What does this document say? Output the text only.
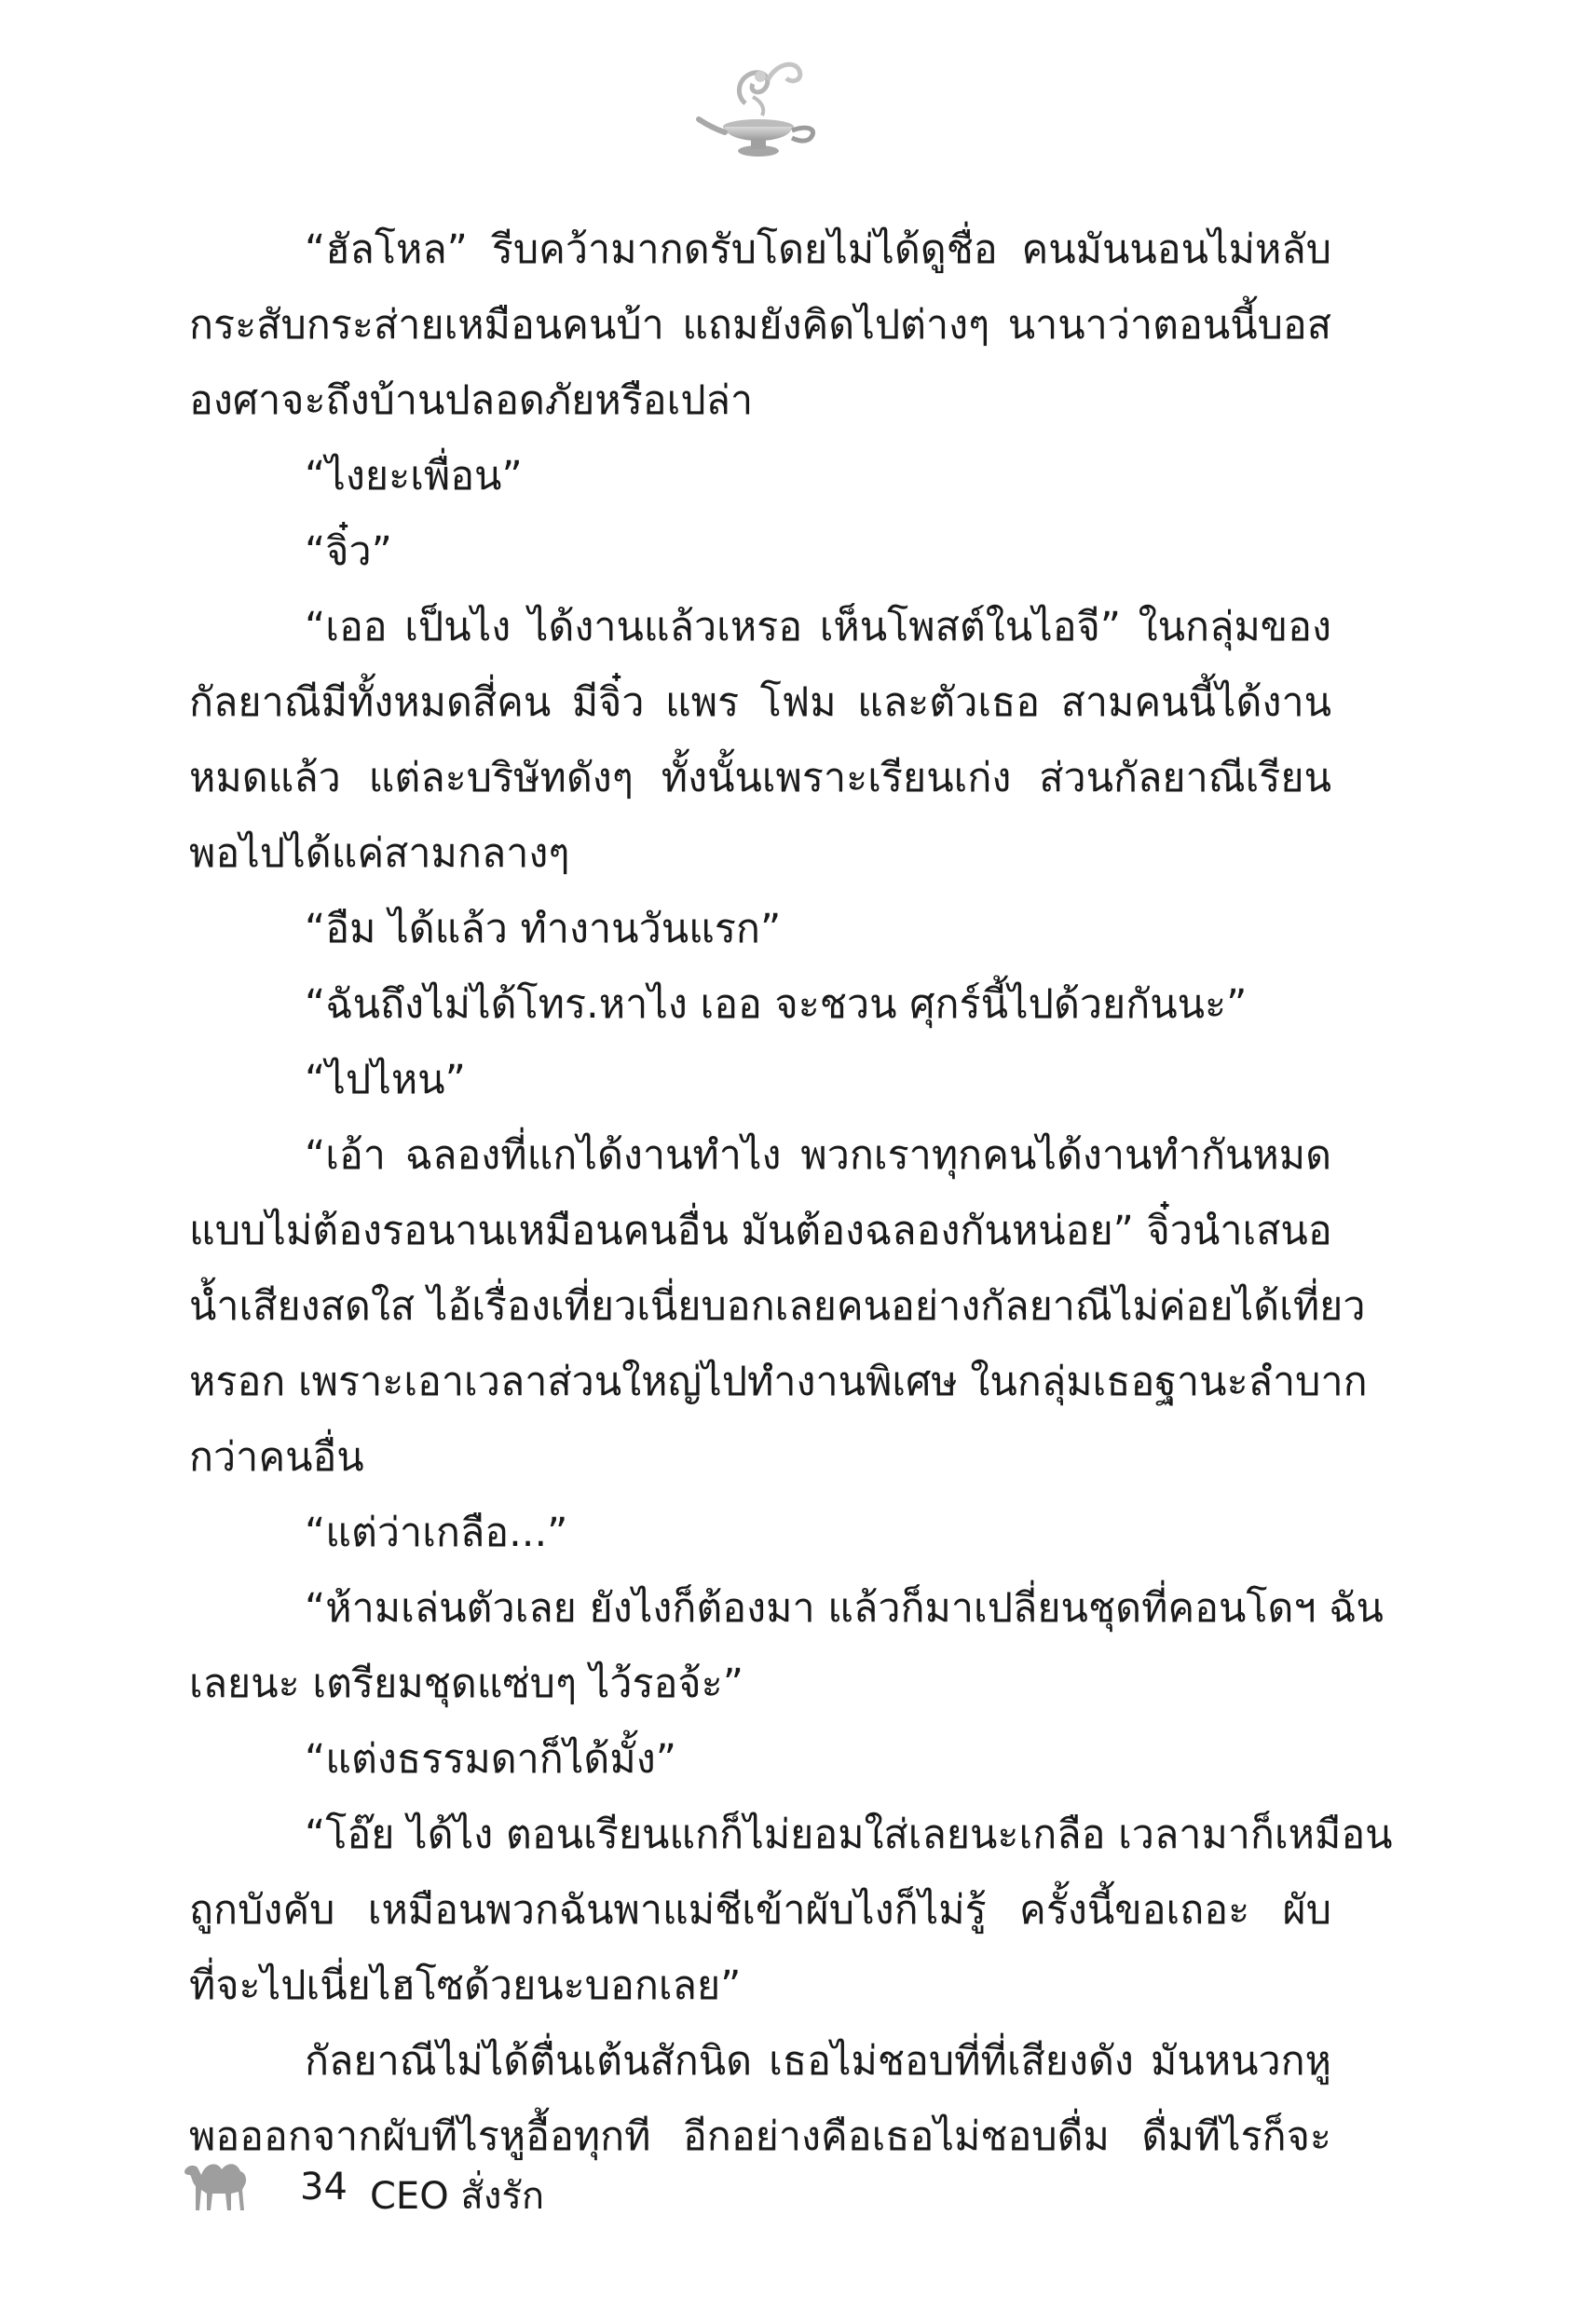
“ฮัลโหล” รีบคว้ามากดรับโดยไม่ได้ดูชื่อ คนมันนอนไม่หลับ

กระสับกระส่ายเหมือนคนบ้า แถมยังคิดไปต่างๆ นานาว่าตอนนี้บอส

องศาจะถึงบ้านปลอดภัยหรือเปล่า

“ไงยะเพื่อน”

“จิ๋ว”

“เออ เป็นไง ได้งานแล้วเหรอ เห็นโพสต์ในไอจี” ในกลุ่มของ

กัลยาณีมีทั้งหมดสี่คน มีจิ๋ว แพร โฟม และตัวเธอ สามคนนี้ได้งาน

หมดแล้ว แต่ละบริษัทดังๆ ทั้งนั้นเพราะเรียนเก่ง ส่วนกัลยาณีเรียน

พอไปได้แค่สามกลางๆ

“อืม ได้แล้ว ทำงานวันแรก”

“ฉันถึงไม่ได้โทร.หาไง เออ จะชวน ศุกร์นี้ไปด้วยกันนะ”

“ไปไหน”

“เอ้า ฉลองที่แกได้งานทำไง พวกเราทุกคนได้งานทำกันหมด

แบบไม่ต้องรอนานเหมือนคนอื่น มันต้องฉลองกันหน่อย” จิ๋วนำเสนอ

น้ำเสียงสดใส ไอ้เรื่องเที่ยวเนี่ยบอกเลยคนอย่างกัลยาณีไม่ค่อยได้เที่ยว

หรอก เพราะเอาเวลาส่วนใหญ่ไปทำงานพิเศษ ในกลุ่มเธอฐานะลำบาก

กว่าคนอื่น

“แต่ว่าเกลือ...”

“ห้ามเล่นตัวเลย ยังไงก็ต้องมา แล้วก็มาเปลี่ยนชุดที่คอนโดฯ ฉัน

เลยนะ เตรียมชุดแซ่บๆ ไว้รอจ้ะ”

“แต่งธรรมดาก็ได้มั้ง”

“โอ๊ย ได้ไง ตอนเรียนแกก็ไม่ยอมใส่เลยนะเกลือ เวลามาก็เหมือน

ถูกบังคับ เหมือนพวกฉันพาแม่ชีเข้าผับไงก็ไม่รู้ ครั้งนี้ขอเถอะ ผับ

ที่จะไปเนี่ยไฮโซด้วยนะบอกเลย”

กัลยาณีไม่ได้ตื่นเต้นสักนิด เธอไม่ชอบที่ที่เสียงดัง มันหนวกหู

พอออกจากผับทีไรหูอื้อทุกที อีกอย่างคือเธอไม่ชอบดื่ม ดื่มทีไรก็จะ

34 CEO สั่งรัก
